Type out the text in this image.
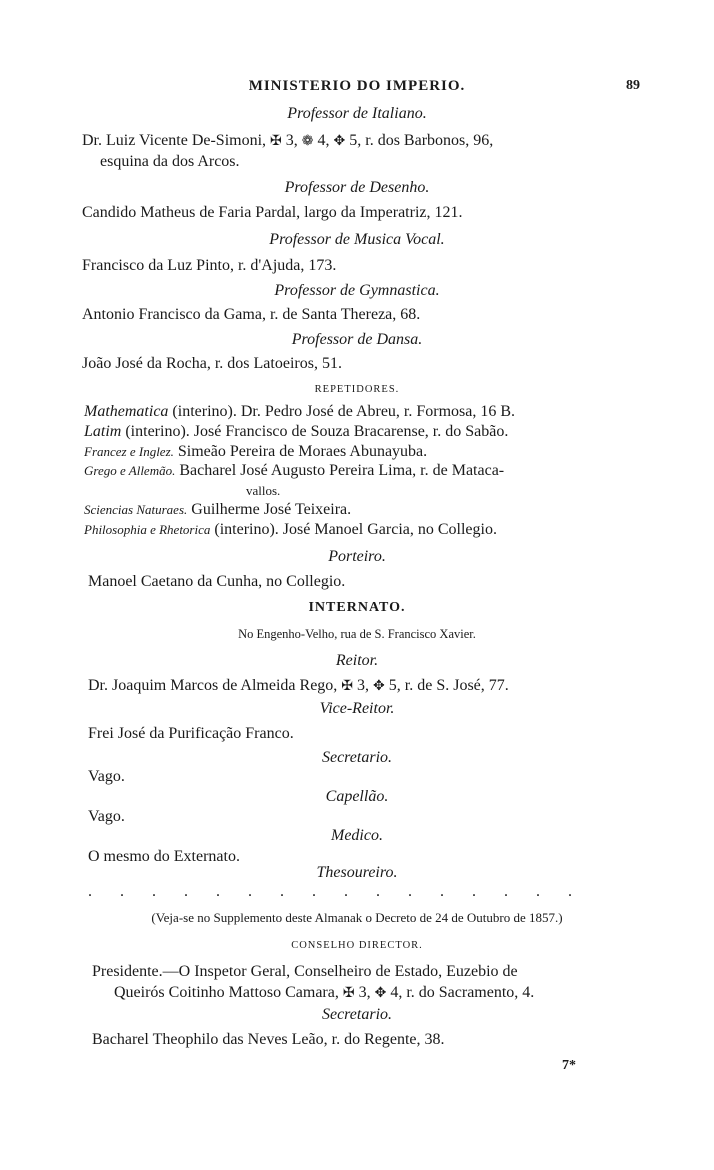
MINISTERIO DO IMPERIO.	89
Professor de Italiano.
Dr. Luiz Vicente De-Simoni, ✠ 3, ❁ 4, ✥ 5, r. dos Barbonos, 96,
esquina da dos Arcos.
Professor de Desenho.
Candido Matheus de Faria Pardal, largo da Imperatriz, 121.
Professor de Musica Vocal.
Francisco da Luz Pinto, r. d'Ajuda, 173.
Professor de Gymnastica.
Antonio Francisco da Gama, r. de Santa Thereza, 68.
Professor de Dansa.
João José da Rocha, r. dos Latoeiros, 51.
REPETIDORES.
Mathematica (interino). Dr. Pedro José de Abreu, r. Formosa, 16 B.
Latim (interino). José Francisco de Souza Bracarense, r. do Sabão.
Francez e Inglez. Simeão Pereira de Moraes Abunayuba.
Grego e Allemão. Bacharel José Augusto Pereira Lima, r. de Mataca-
vallos.
Sciencias Naturaes. Guilherme José Teixeira.
Philosophia e Rhetorica (interino). José Manoel Garcia, no Collegio.
Porteiro.
Manoel Caetano da Cunha, no Collegio.
INTERNATO.
No Engenho-Velho, rua de S. Francisco Xavier.
Reitor.
Dr. Joaquim Marcos de Almeida Rego, ✠ 3, ✥ 5, r. de S. José, 77.
Vice-Reitor.
Frei José da Purificação Franco.
Secretario.
Vago.
Capellão.
Vago.
Medico.
O mesmo do Externato.
Thesoureiro.
. . . . . . . . . . . . . . . .
(Veja-se no Supplemento deste Almanak o Decreto de 24 de Outubro de 1857.)
CONSELHO DIRECTOR.
Presidente.—O Inspetor Geral, Conselheiro de Estado, Euzebio de
Queirós Coitinho Mattoso Camara, ✠ 3, ✥ 4, r. do Sacramento, 4.
Secretario.
Bacharel Theophilo das Neves Leão, r. do Regente, 38.
7*
